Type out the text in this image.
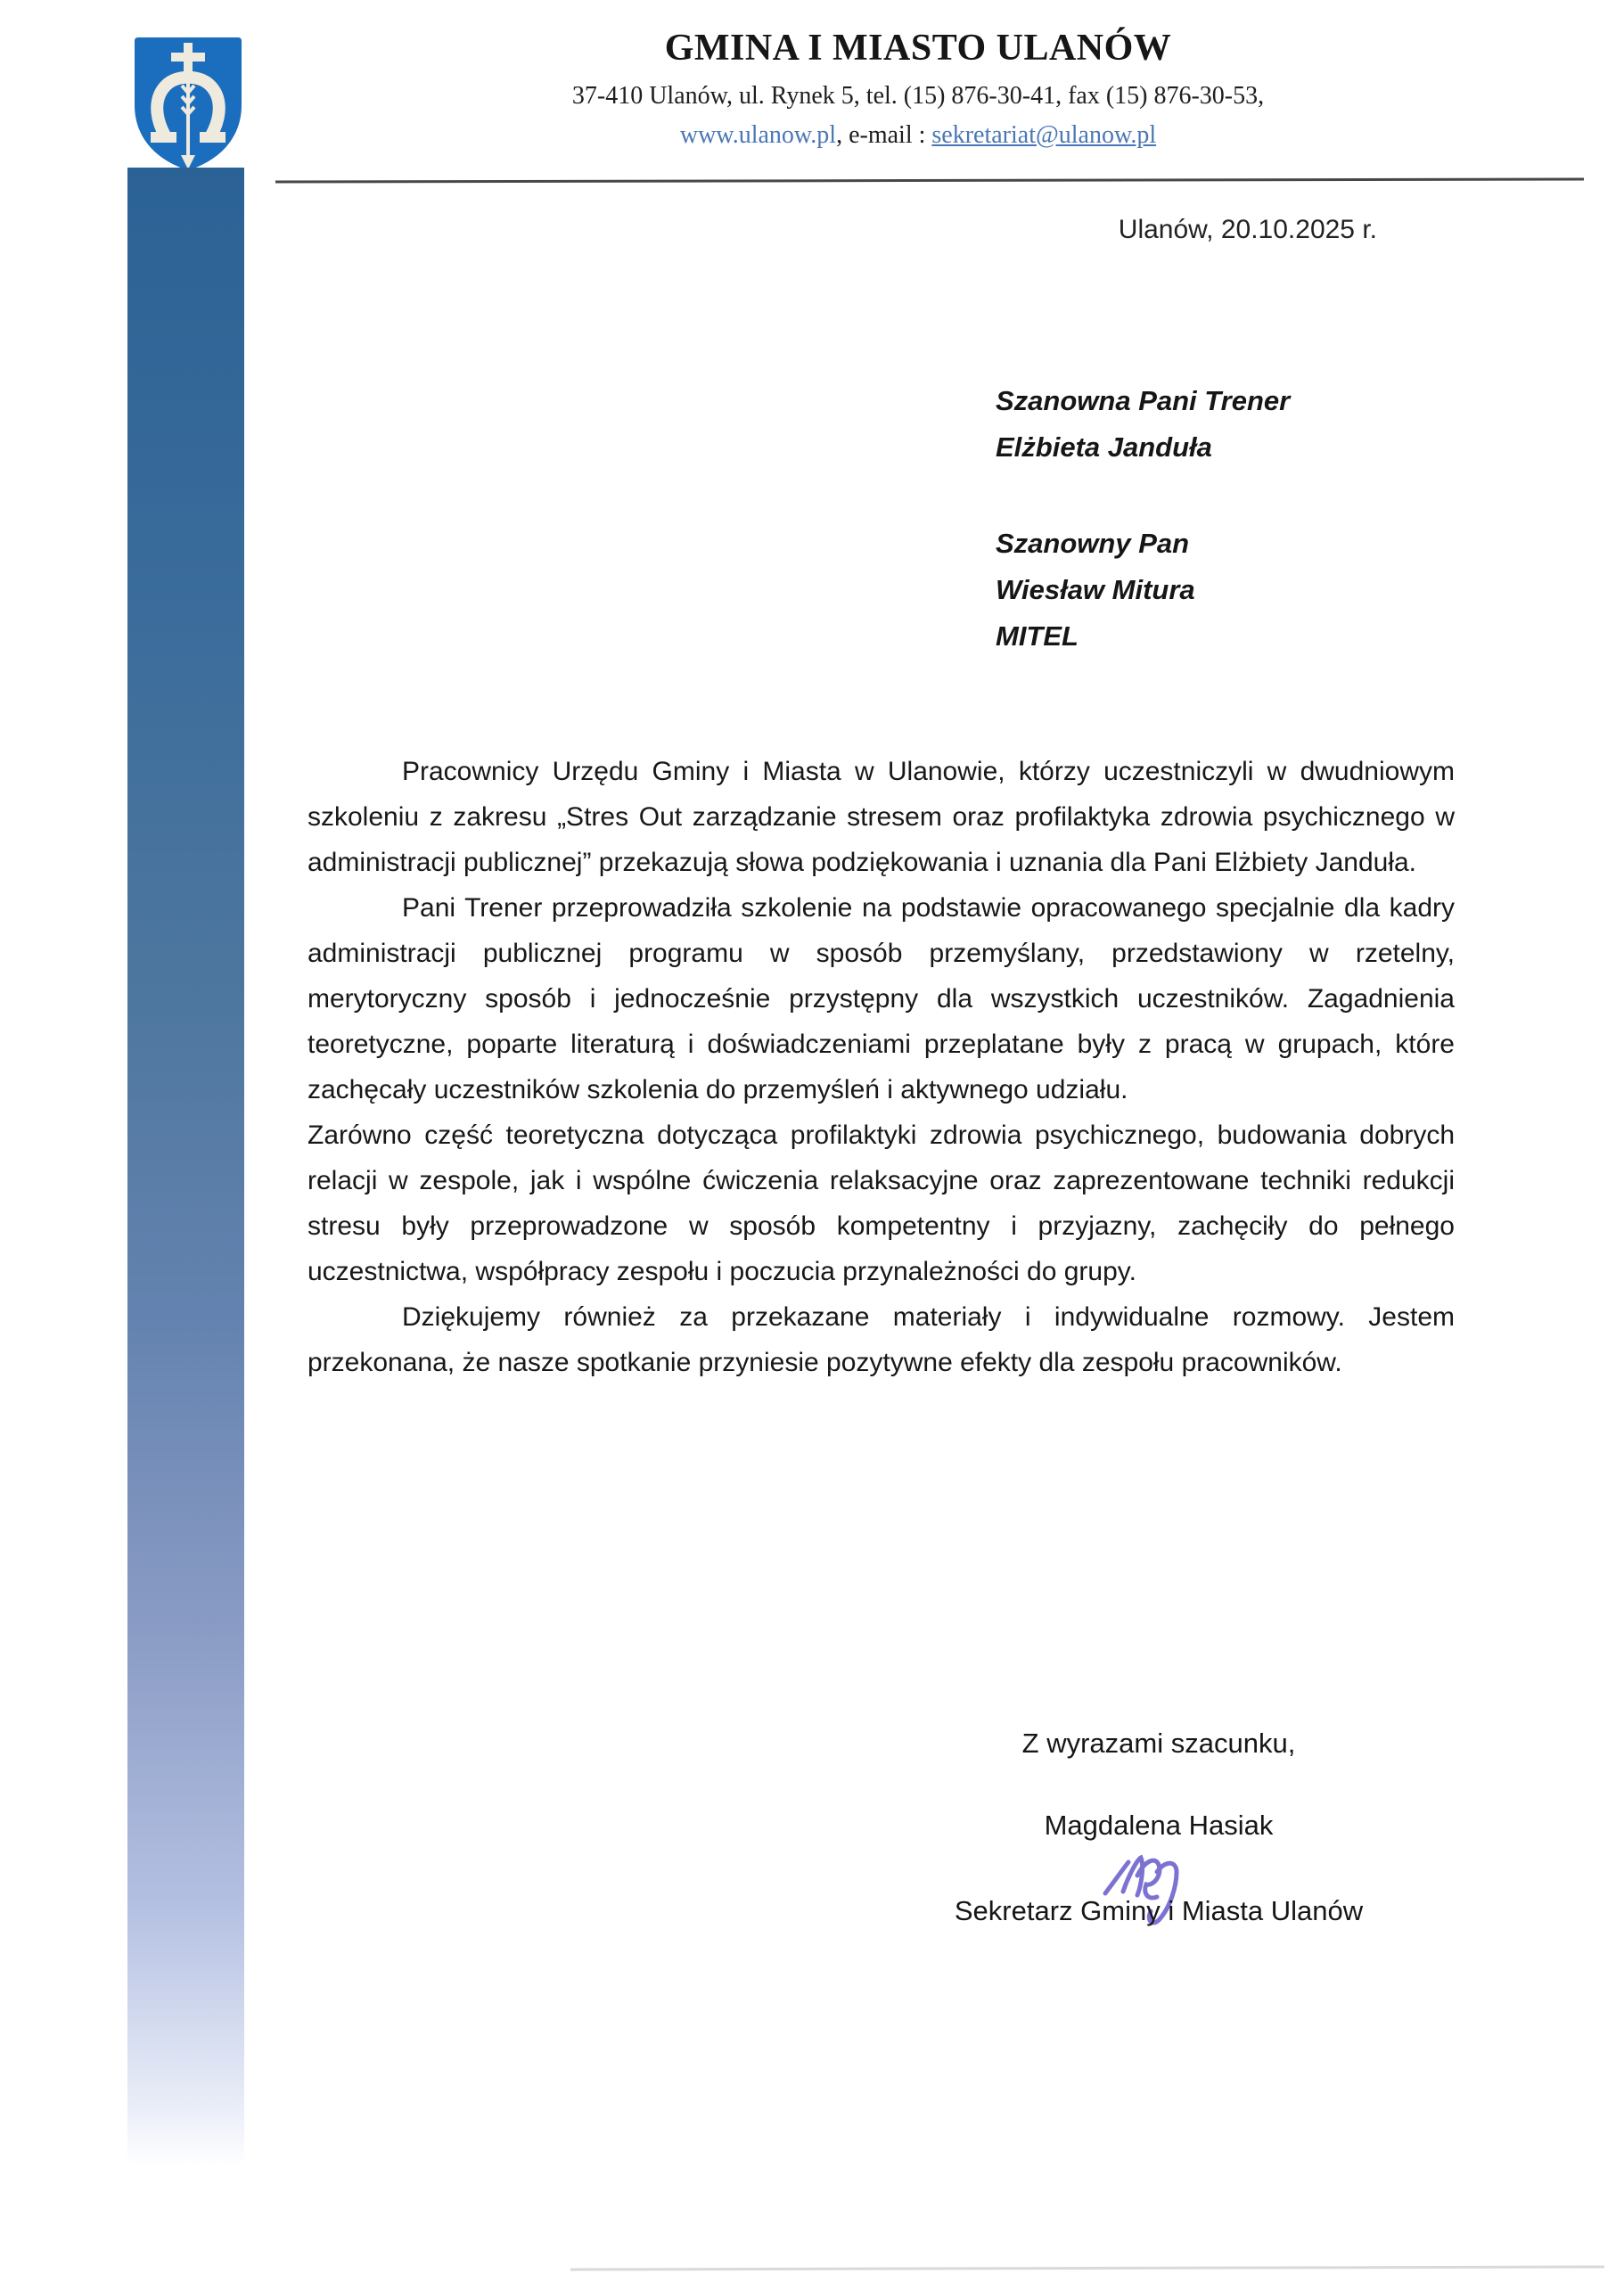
GMINA I MIASTO ULANÓW
37-410 Ulanów, ul. Rynek 5, tel. (15) 876-30-41, fax (15) 876-30-53,
www.ulanow.pl, e-mail : sekretariat@ulanow.pl
Ulanów, 20.10.2025 r.
Szanowna Pani Trener
Elżbieta Janduła
Szanowny Pan
Wiesław Mitura
MITEL

Pracownicy Urzędu Gminy i Miasta w Ulanowie, którzy uczestniczyli w dwudniowym szkoleniu z zakresu „Stres Out zarządzanie stresem oraz profilaktyka zdrowia psychicznego w administracji publicznej” przekazują słowa podziękowania i uznania dla Pani Elżbiety Janduła.

Pani Trener przeprowadziła szkolenie na podstawie opracowanego specjalnie dla kadry administracji publicznej programu w sposób przemyślany, przedstawiony w rzetelny, merytoryczny sposób i jednocześnie przystępny dla wszystkich uczestników. Zagadnienia teoretyczne, poparte literaturą i doświadczeniami przeplatane były z pracą w grupach, które zachęcały uczestników szkolenia do przemyśleń i aktywnego udziału.

Zarówno część teoretyczna dotycząca profilaktyki zdrowia psychicznego, budowania dobrych relacji w zespole, jak i wspólne ćwiczenia relaksacyjne oraz zaprezentowane techniki redukcji stresu były przeprowadzone w sposób kompetentny i przyjazny, zachęciły do pełnego uczestnictwa, współpracy zespołu i poczucia przynależności do grupy.

Dziękujemy również za przekazane materiały i indywidualne rozmowy. Jestem przekonana, że nasze spotkanie przyniesie pozytywne efekty dla zespołu pracowników.

Z wyrazami szacunku,
Magdalena Hasiak
Sekretarz Gminy i Miasta Ulanów
